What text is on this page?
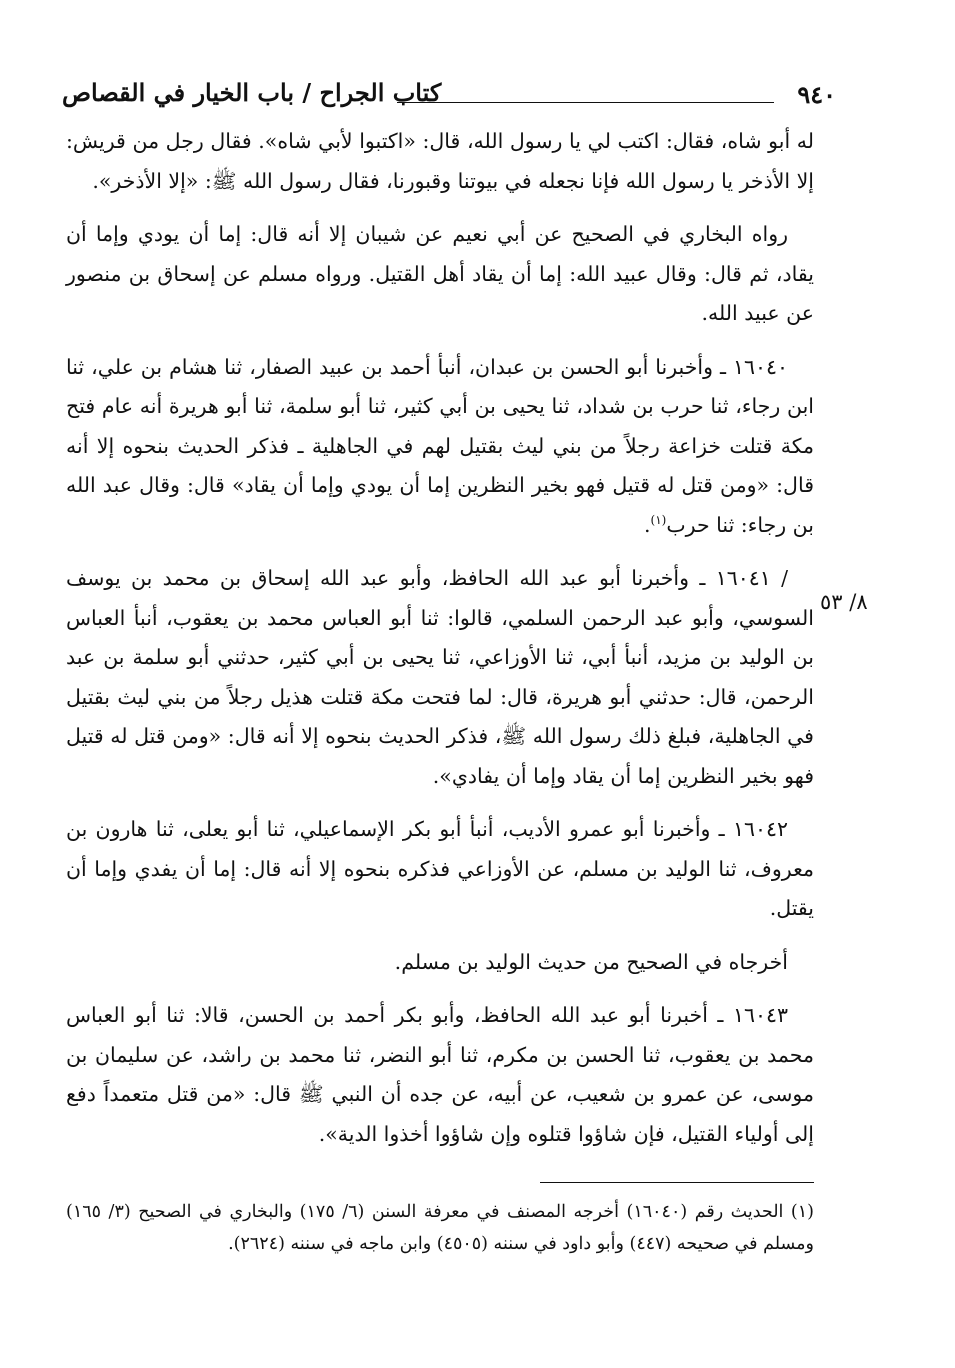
٩٤٠
كتاب الجراح / باب الخيار في القصاص
٨/ ٥٣

له أبو شاه، فقال: اكتب لي يا رسول الله، قال: «اكتبوا لأبي شاه». فقال رجل من قريش: إلا الأذخر يا رسول الله فإنا نجعله في بيوتنا وقبورنا، فقال رسول الله ﷺ: «إلا الأذخر».

رواه البخاري في الصحيح عن أبي نعيم عن شيبان إلا أنه قال: إما أن يودي وإما أن يقاد، ثم قال: وقال عبيد الله: إما أن يقاد أهل القتيل. ورواه مسلم عن إسحاق بن منصور عن عبيد الله.

١٦٠٤٠ ـ وأخبرنا أبو الحسن بن عبدان، أنبأ أحمد بن عبيد الصفار، ثنا هشام بن علي، ثنا ابن رجاء، ثنا حرب بن شداد، ثنا يحيى بن أبي كثير، ثنا أبو سلمة، ثنا أبو هريرة أنه عام فتح مكة قتلت خزاعة رجلاً من بني ليث بقتيل لهم في الجاهلية ـ فذكر الحديث بنحوه إلا أنه قال: «ومن قتل له قتيل فهو بخير النظرين إما أن يودي وإما أن يقاد» قال: وقال عبد الله بن رجاء: ثنا حرب$^{(١)}$.

/ ١٦٠٤١ ـ وأخبرنا أبو عبد الله الحافظ، وأبو عبد الله إسحاق بن محمد بن يوسف السوسي، وأبو عبد الرحمن السلمي، قالوا: ثنا أبو العباس محمد بن يعقوب، أنبأ العباس بن الوليد بن مزيد، أنبأ أبي، ثنا الأوزاعي، ثنا يحيى بن أبي كثير، حدثني أبو سلمة بن عبد الرحمن، قال: حدثني أبو هريرة، قال: لما فتحت مكة قتلت هذيل رجلاً من بني ليث بقتيل في الجاهلية، فبلغ ذلك رسول الله ﷺ، فذكر الحديث بنحوه إلا أنه قال: «ومن قتل له قتيل فهو بخير النظرين إما أن يقاد وإما أن يفادي».

١٦٠٤٢ ـ وأخبرنا أبو عمرو الأديب، أنبأ أبو بكر الإسماعيلي، ثنا أبو يعلى، ثنا هارون بن معروف، ثنا الوليد بن مسلم، عن الأوزاعي فذكره بنحوه إلا أنه قال: إما أن يفدي وإما أن يقتل.

أخرجاه في الصحيح من حديث الوليد بن مسلم.

١٦٠٤٣ ـ أخبرنا أبو عبد الله الحافظ، وأبو بكر أحمد بن الحسن، قالا: ثنا أبو العباس محمد بن يعقوب، ثنا الحسن بن مكرم، ثنا أبو النضر، ثنا محمد بن راشد، عن سليمان بن موسى، عن عمرو بن شعيب، عن أبيه، عن جده أن النبي ﷺ قال: «من قتل متعمداً دفع إلى أولياء القتيل، فإن شاؤوا قتلوه وإن شاؤوا أخذوا الدية».

(١) الحديث رقم (١٦٠٤٠) أخرجه المصنف في معرفة السنن (٦/ ١٧٥) والبخاري في الصحيح (٣/ ١٦٥) ومسلم في صحيحه (٤٤٧) وأبو داود في سننه (٤٥٠٥) وابن ماجه في سننه (٢٦٢٤).
